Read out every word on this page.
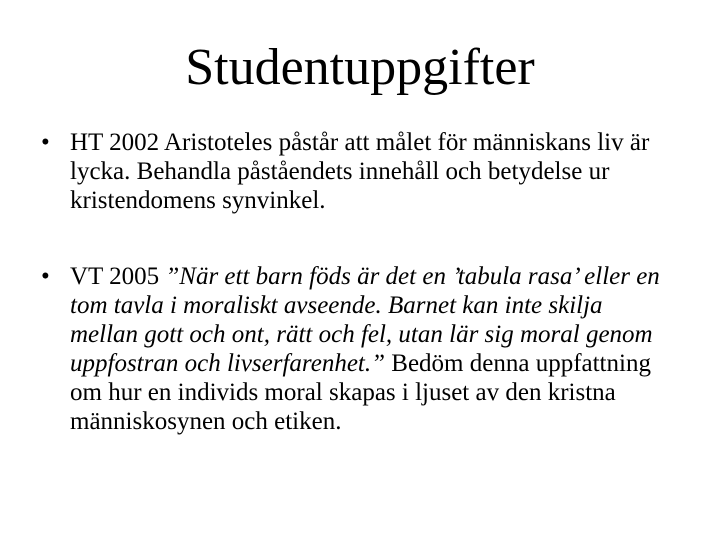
Studentuppgifter
• HT 2002 Aristoteles påstår att målet för människans liv är lycka. Behandla påståendets innehåll och betydelse ur kristendomens synvinkel.
• VT 2005 ”När ett barn föds är det en ’tabula rasa’ eller en tom tavla i moraliskt avseende. Barnet kan inte skilja mellan gott och ont, rätt och fel, utan lär sig moral genom uppfostran och livserfarenhet.” Bedöm denna uppfattning om hur en individs moral skapas i ljuset av den kristna människosynen och etiken.
